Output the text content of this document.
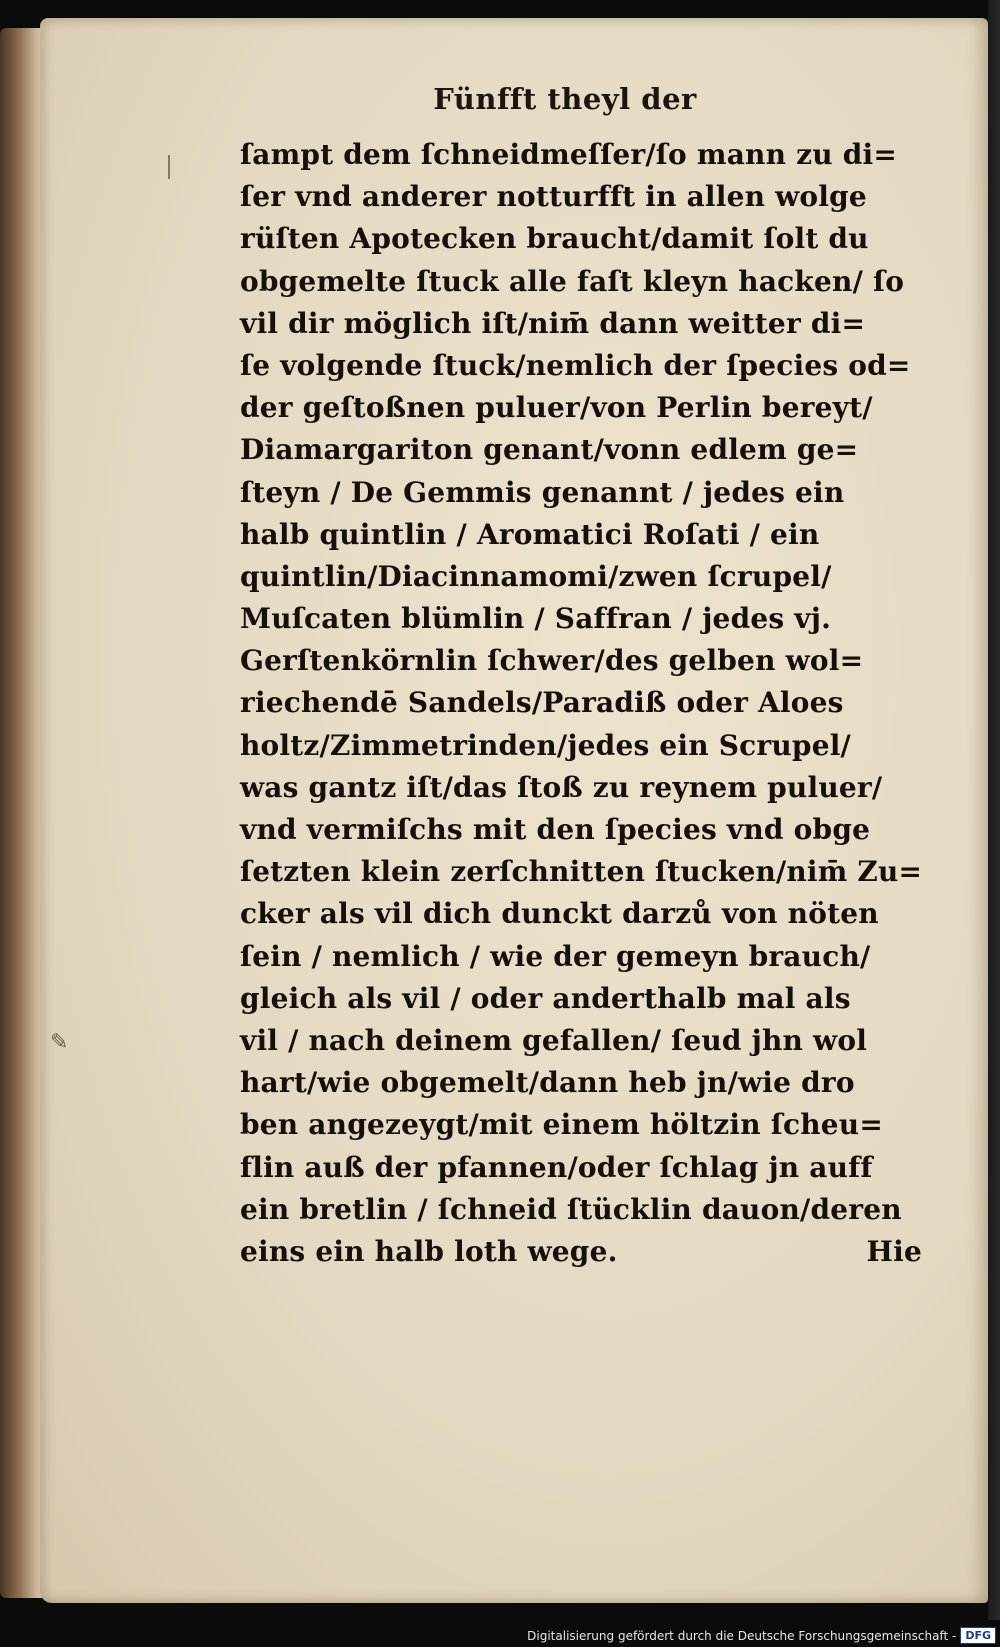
✎
Fünfft theyl der
ſampt dem ſchneidmeſſer/ſo mann zu di=
ſer vnd anderer notturfft in allen wolge
rüſten Apotecken braucht/damit ſolt du
obgemelte ſtuck alle faſt kleyn hacken/ ſo
vil dir möglich iſt/nim̄ dann weitter di=
ſe volgende ſtuck/nemlich der ſpecies od=
der geſtoßnen puluer/von Perlin bereyt/
Diamargariton genant/vonn edlem ge=
ſteyn / De Gemmis genannt / jedes ein
halb quintlin / Aromatici Roſati / ein
quintlin/Diacinnamomi/zwen ſcrupel/
Muſcaten blümlin / Saffran / jedes vj.
Gerſtenkörnlin ſchwer/des gelben wol=
riechendē Sandels/Paradiß oder Aloes
holtz/Zimmetrinden/jedes ein Scrupel/
was gantz iſt/das ſtoß zu reynem puluer/
vnd vermiſchs mit den ſpecies vnd obge
ſetzten klein zerſchnitten ſtucken/nim̄ Zu=
cker als vil dich dunckt darzů von nöten
ſein / nemlich / wie der gemeyn brauch/
gleich als vil / oder anderthalb mal als
vil / nach deinem gefallen/ ſeud jhn wol
hart/wie obgemelt/dann heb jn/wie dro
ben angezeygt/mit einem höltzin ſcheu=
flin auß der pfannen/oder ſchlag jn auff
ein bretlin / ſchneid ſtücklin dauon/deren
eins ein halb loth wege.	Hie
Digitalisierung gefördert durch die Deutsche Forschungsgemeinschaft - DFG
